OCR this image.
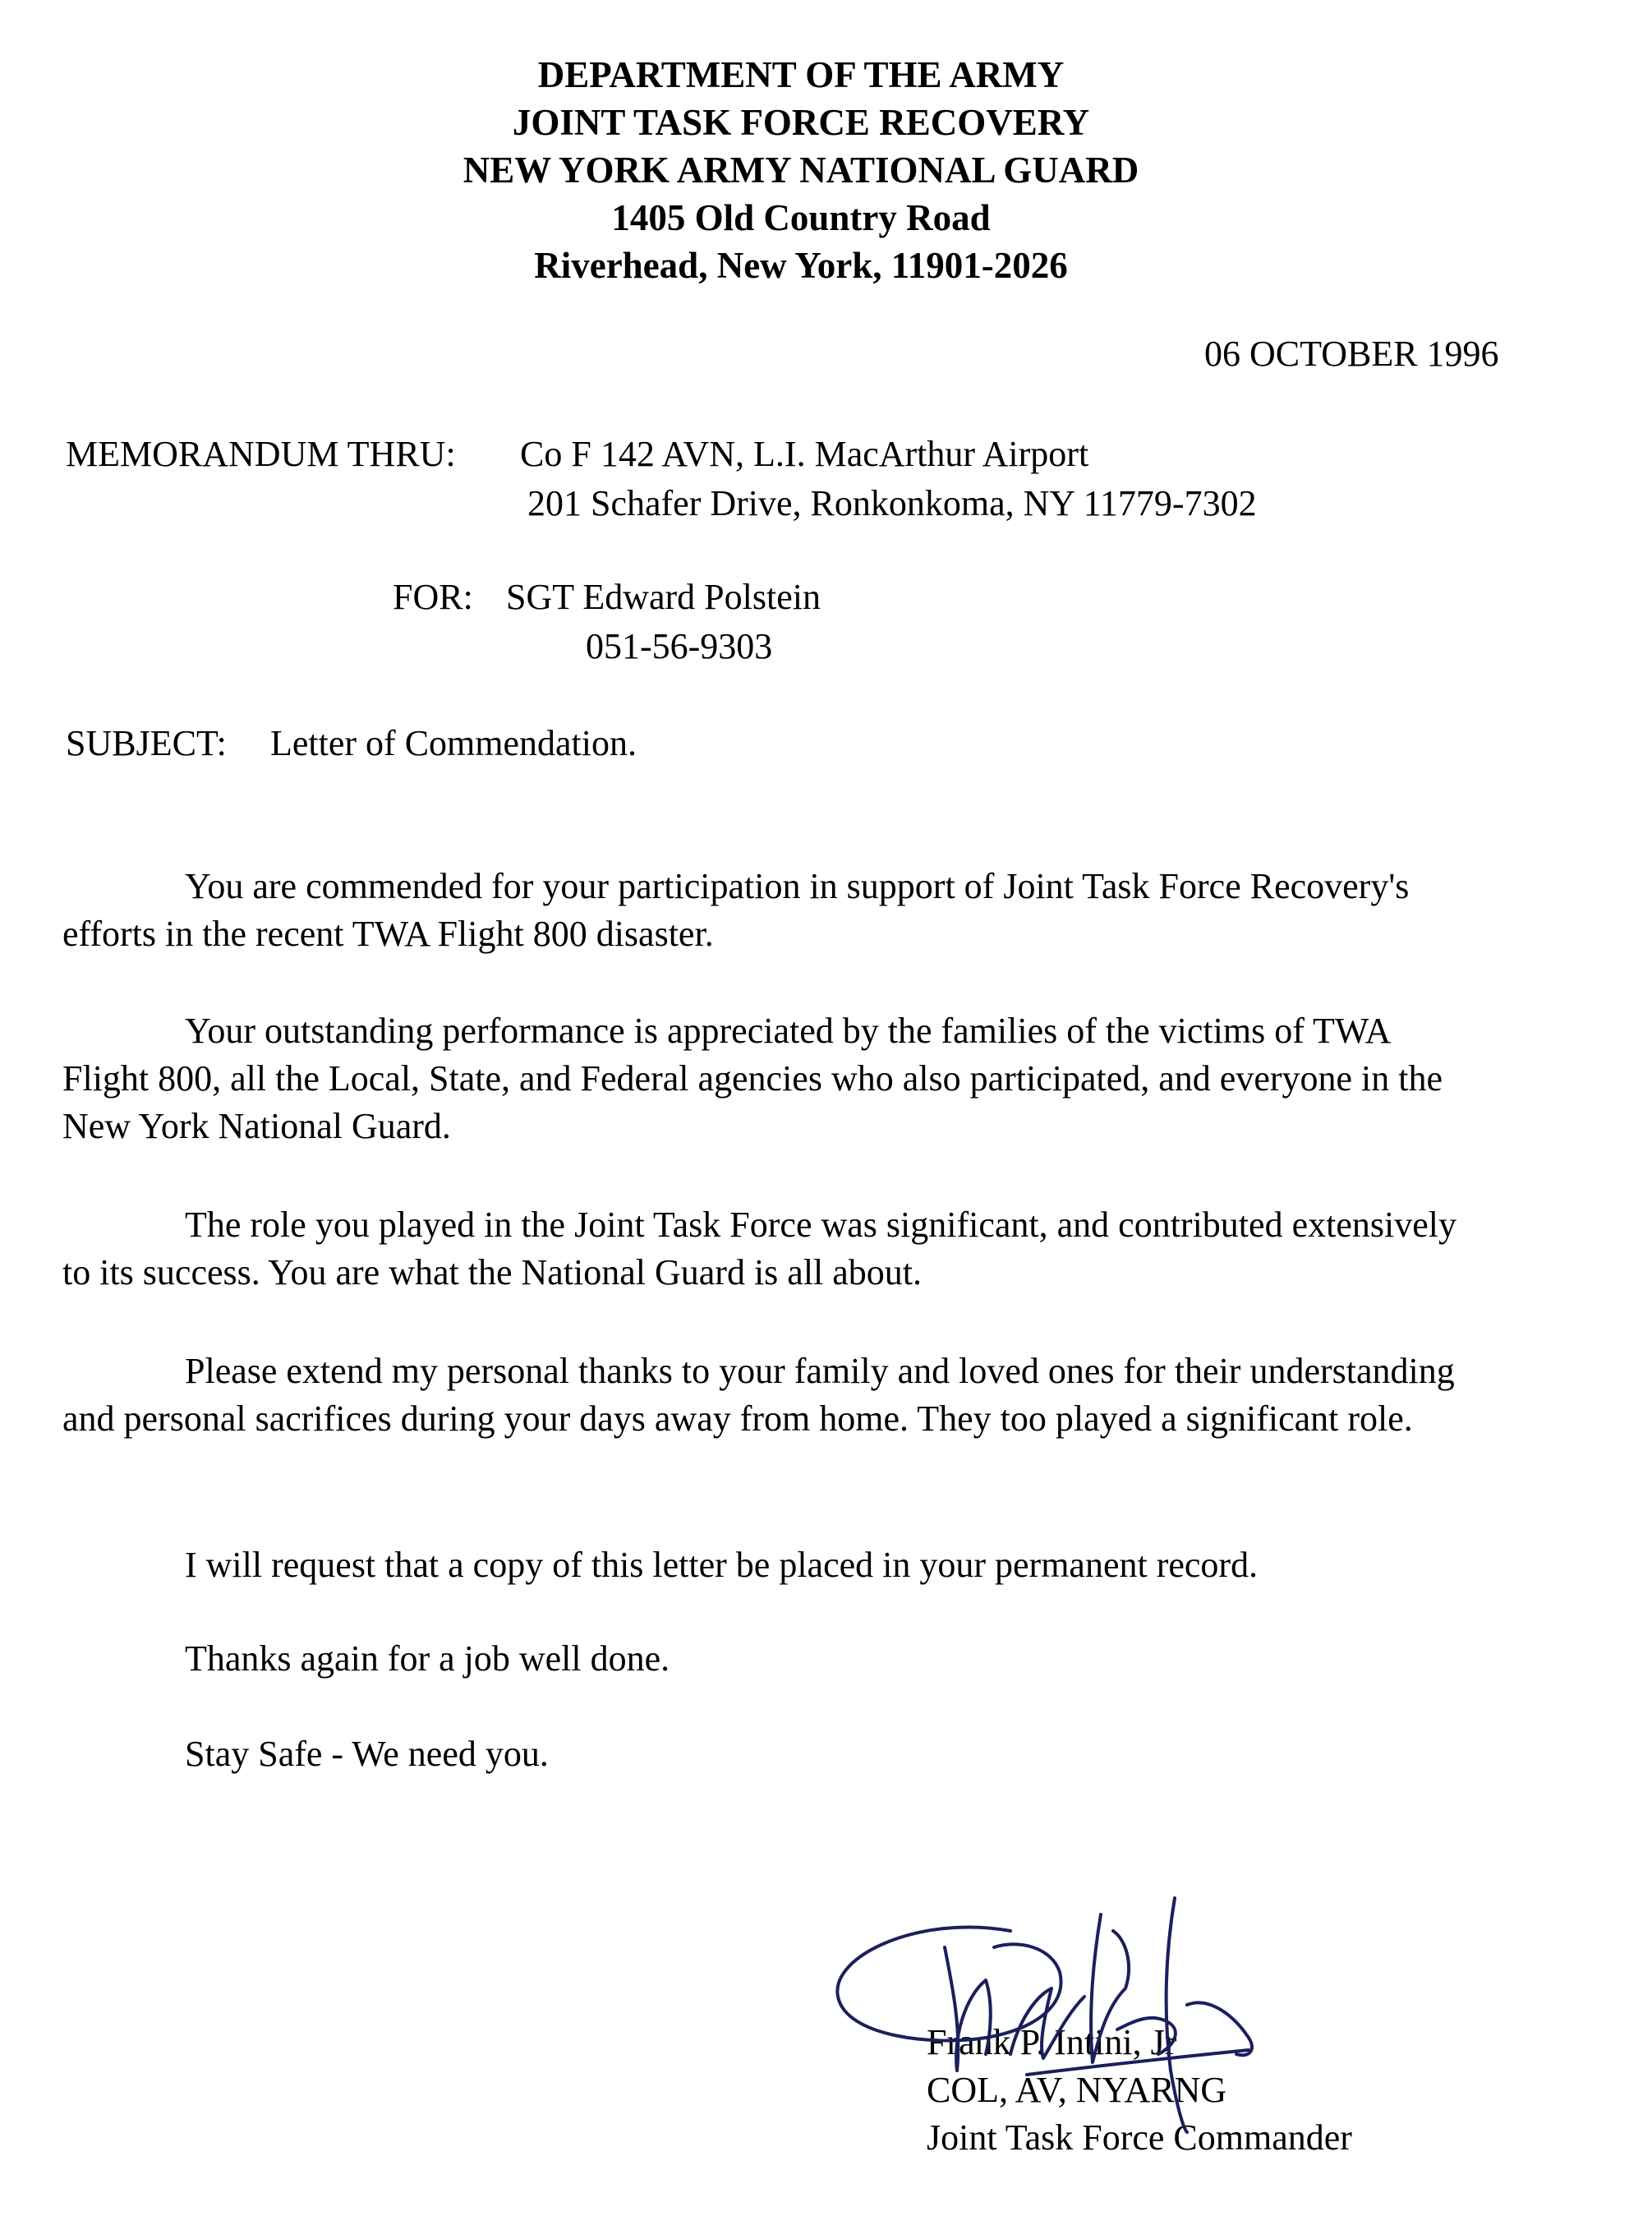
DEPARTMENT OF THE ARMY
JOINT TASK FORCE RECOVERY
NEW YORK ARMY NATIONAL GUARD
1405 Old Country Road
Riverhead, New York, 11901-2026
06 OCTOBER 1996
MEMORANDUM THRU: Co F 142 AVN, L.I. MacArthur Airport
201 Schafer Drive, Ronkonkoma, NY 11779-7302
FOR: SGT Edward Polstein
051-56-9303
SUBJECT: Letter of Commendation.

You are commended for your participation in support of Joint Task Force Recovery's efforts in the recent TWA Flight 800 disaster.

Your outstanding performance is appreciated by the families of the victims of TWA Flight 800, all the Local, State, and Federal agencies who also participated, and everyone in the New York National Guard.

The role you played in the Joint Task Force was significant, and contributed extensively to its success. You are what the National Guard is all about.

Please extend my personal thanks to your family and loved ones for their understanding and personal sacrifices during your days away from home. They too played a significant role.

I will request that a copy of this letter be placed in your permanent record.

Thanks again for a job well done.

Stay Safe - We need you.

Frank P. Intini, Jr
COL, AV, NYARNG
Joint Task Force Commander
